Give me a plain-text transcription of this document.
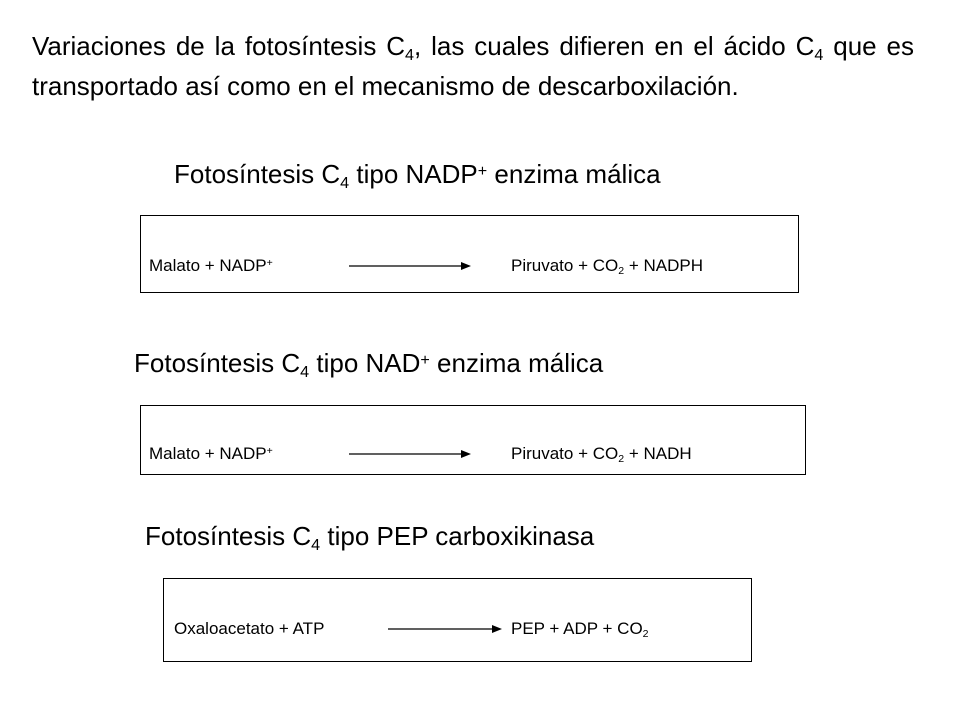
Variaciones de la fotosíntesis $C_4$, las cuales difieren en el ácido $C_4$ que es transportado así como en el mecanismo de descarboxilación.

Fotosíntesis $C_4$ tipo NADP+ enzima málica
Malato + NADP+	Piruvato + $CO_2$ + NADPH
Fotosíntesis $C_4$ tipo NAD+ enzima málica
Malato + NADP+	Piruvato + $CO_2$ + NADH
Fotosíntesis $C_4$ tipo PEP carboxikinasa
Oxaloacetato + ATP	PEP + ADP + $CO_2$
